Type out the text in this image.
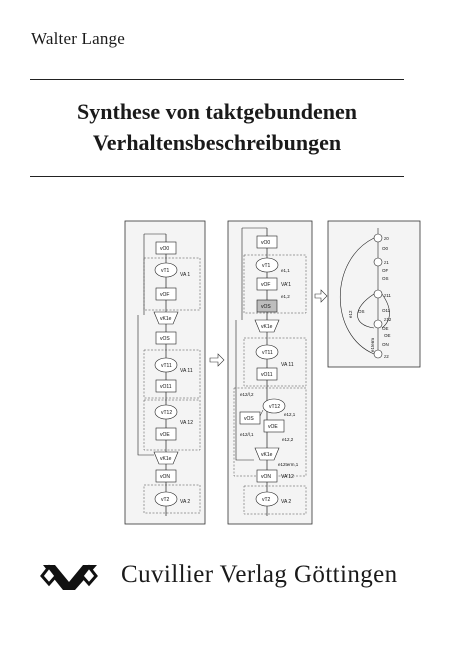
Walter Lange
Synthese von taktgebundenen
Verhaltensbeschreibungen
vO0
vT1
VA 1
vOF
vK1e
vOS
vT11
VA 11
vO11
vT12
VA 12
vOE
vK1e
vON
vT2 VA 2
vO0
vT1
e1,1
vOF VA'1
e1,2
vOS
vK1e
vT11
VA 11
vO11
e12/l,2
vT12
e12,1
vOS
vOE
e12/l,1
e12,2
vK1e
e12term,1
vON VA'12
vT2 VA 2
z0
O0
z1
OF
OS
z11
O11
OS
z12
OE
OE
ON
z2
e12
e1term
Cuvillier Verlag Göttingen
